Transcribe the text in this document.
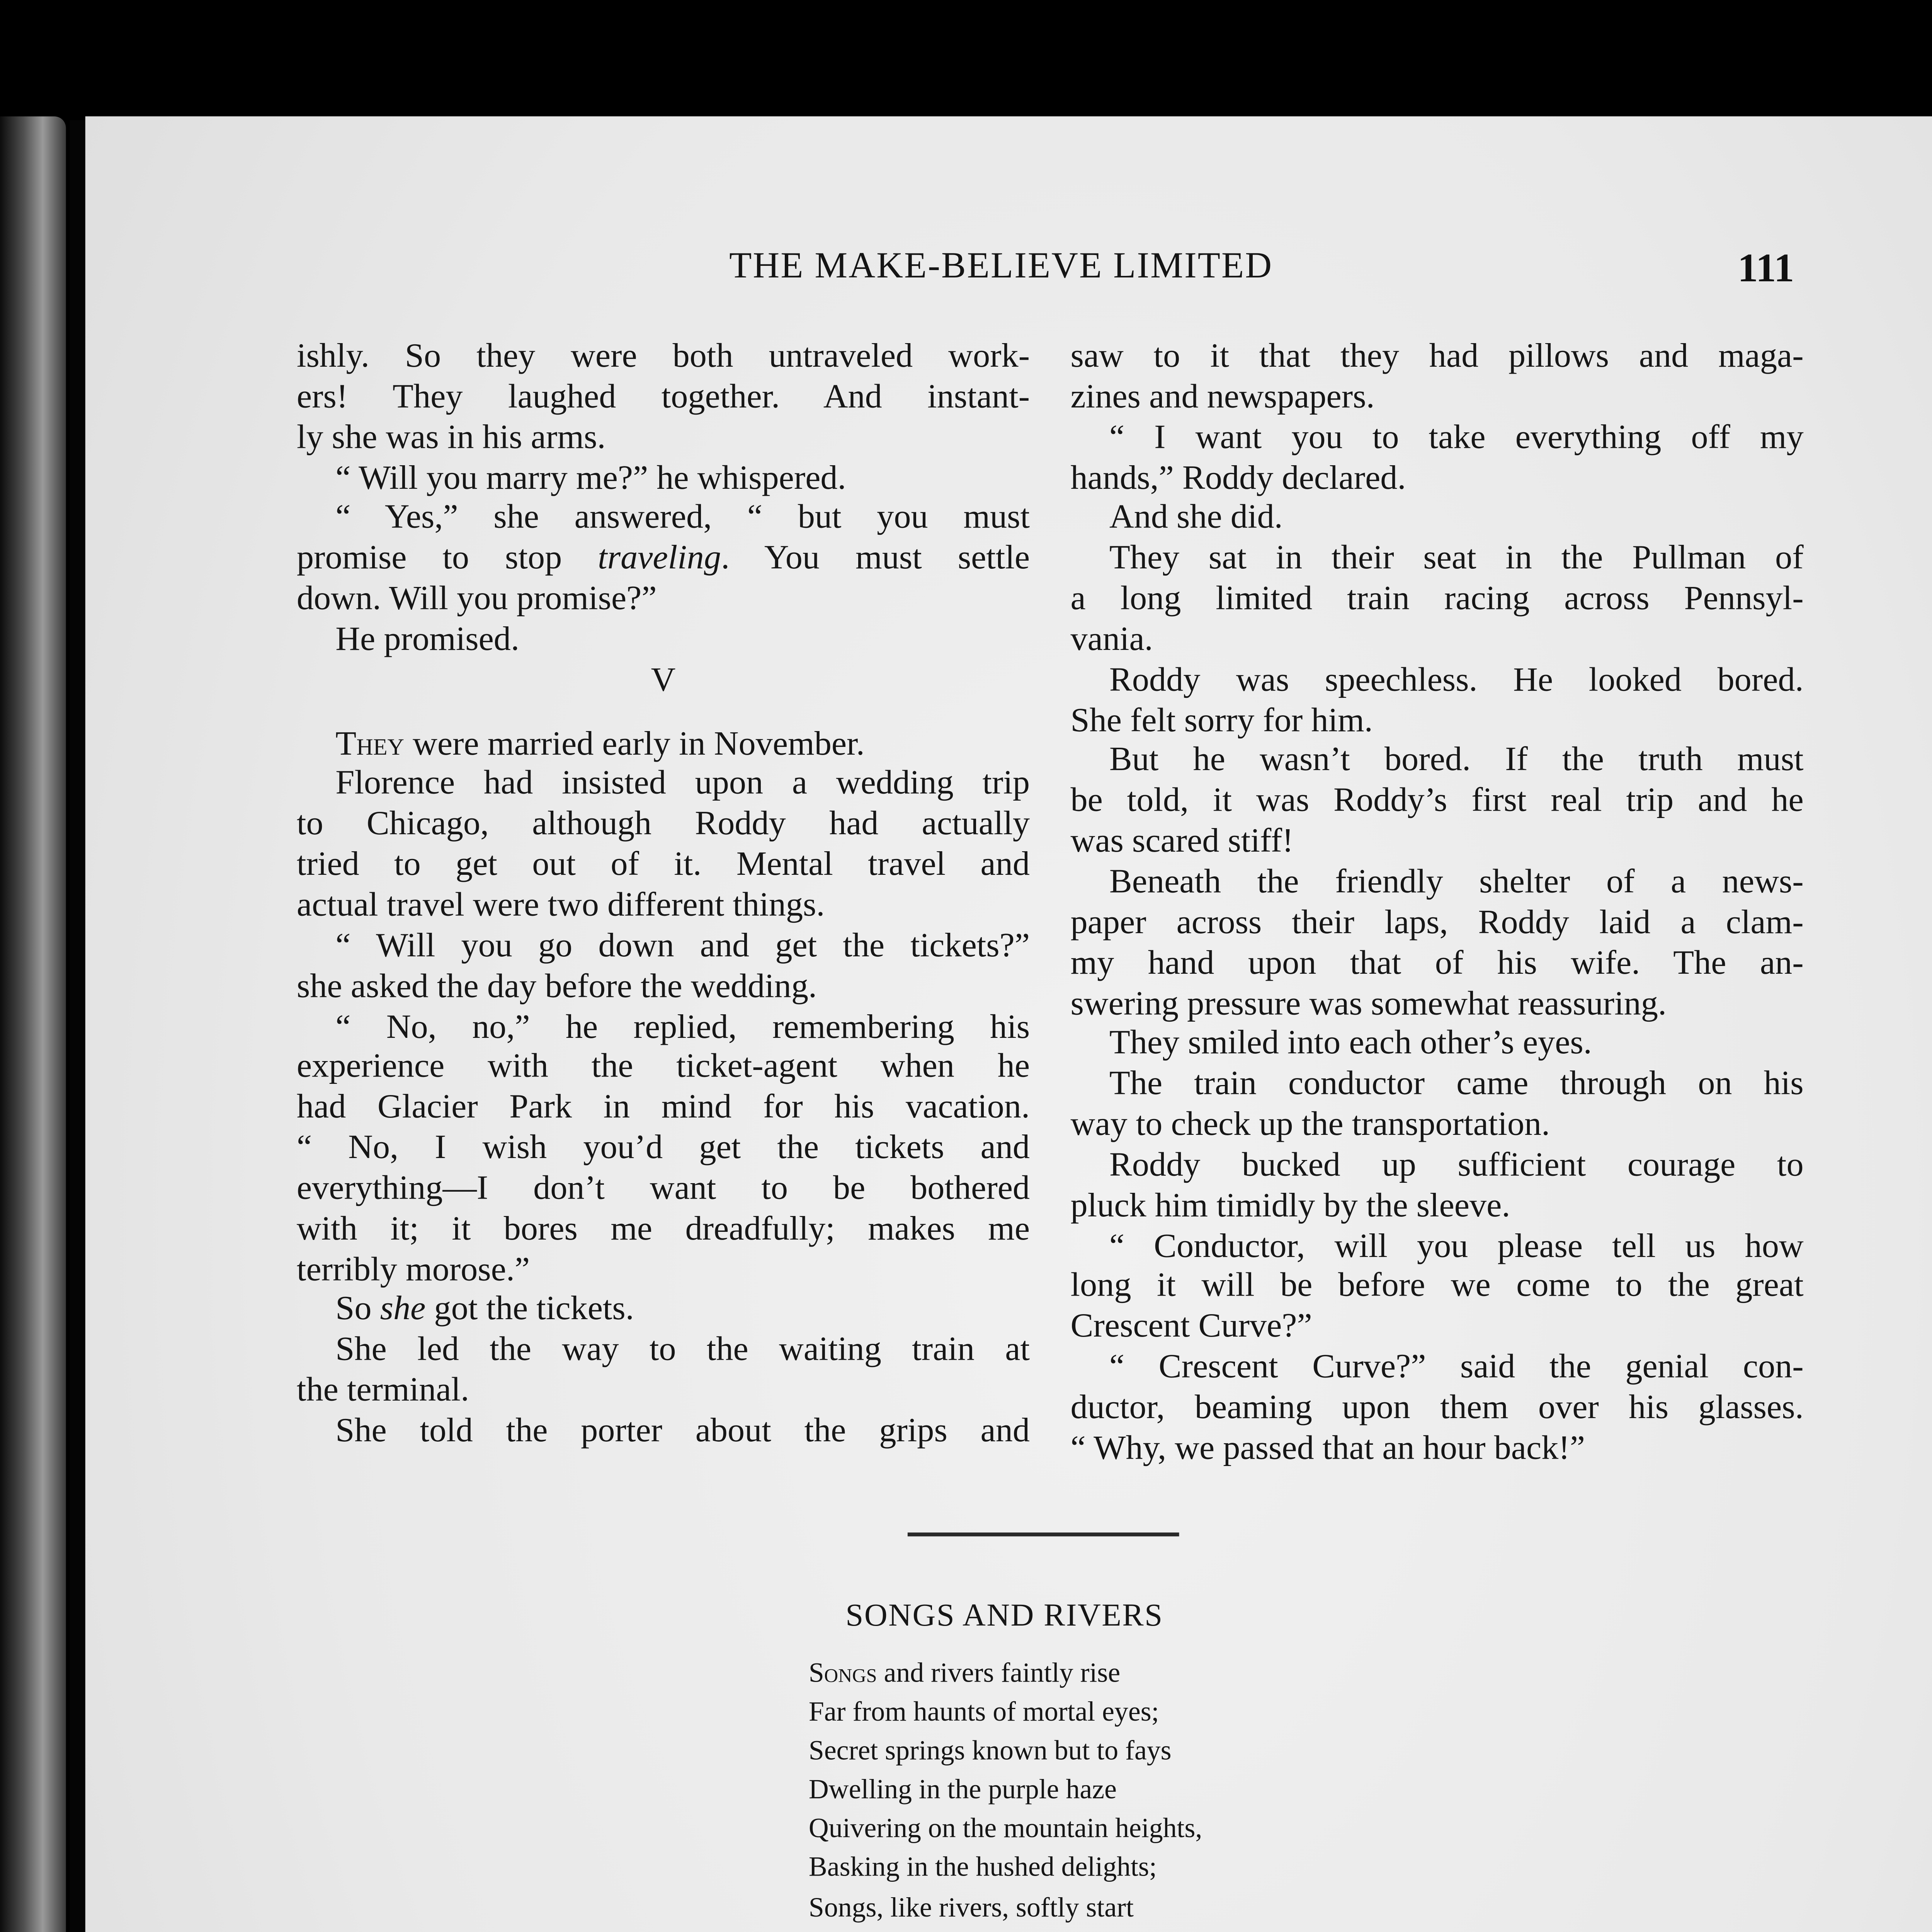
THE MAKE-BELIEVE LIMITED	111
ishly. So they were both untraveled work-
ers! They laughed together. And instant-
ly she was in his arms.
“ Will you marry me?” he whispered.
“ Yes,” she answered, “ but you must
promise to stop traveling. You must settle
down. Will you promise?”
He promised.
V
They were married early in November.
Florence had insisted upon a wedding trip
to Chicago, although Roddy had actually
tried to get out of it. Mental travel and
actual travel were two different things.
“ Will you go down and get the tickets?”
she asked the day before the wedding.
“ No, no,” he replied, remembering his
experience with the ticket-agent when he
had Glacier Park in mind for his vacation.
“ No, I wish you’d get the tickets and
everything—I don’t want to be bothered
with it; it bores me dreadfully; makes me
terribly morose.”
So she got the tickets.
She led the way to the waiting train at
the terminal.
She told the porter about the grips and
saw to it that they had pillows and maga-
zines and newspapers.
“ I want you to take everything off my
hands,” Roddy declared.
And she did.
They sat in their seat in the Pullman of
a long limited train racing across Pennsyl-
vania.
Roddy was speechless. He looked bored.
She felt sorry for him.
But he wasn’t bored. If the truth must
be told, it was Roddy’s first real trip and he
was scared stiff!
Beneath the friendly shelter of a news-
paper across their laps, Roddy laid a clam-
my hand upon that of his wife. The an-
swering pressure was somewhat reassuring.
They smiled into each other’s eyes.
The train conductor came through on his
way to check up the transportation.
Roddy bucked up sufficient courage to
pluck him timidly by the sleeve.
“ Conductor, will you please tell us how
long it will be before we come to the great
Crescent Curve?”
“ Crescent Curve?” said the genial con-
ductor, beaming upon them over his glasses.
“ Why, we passed that an hour back!”
SONGS AND RIVERS
Songs and rivers faintly rise
Far from haunts of mortal eyes;
Secret springs known but to fays
Dwelling in the purple haze
Quivering on the mountain heights,
Basking in the hushed delights;
Songs, like rivers, softly start
